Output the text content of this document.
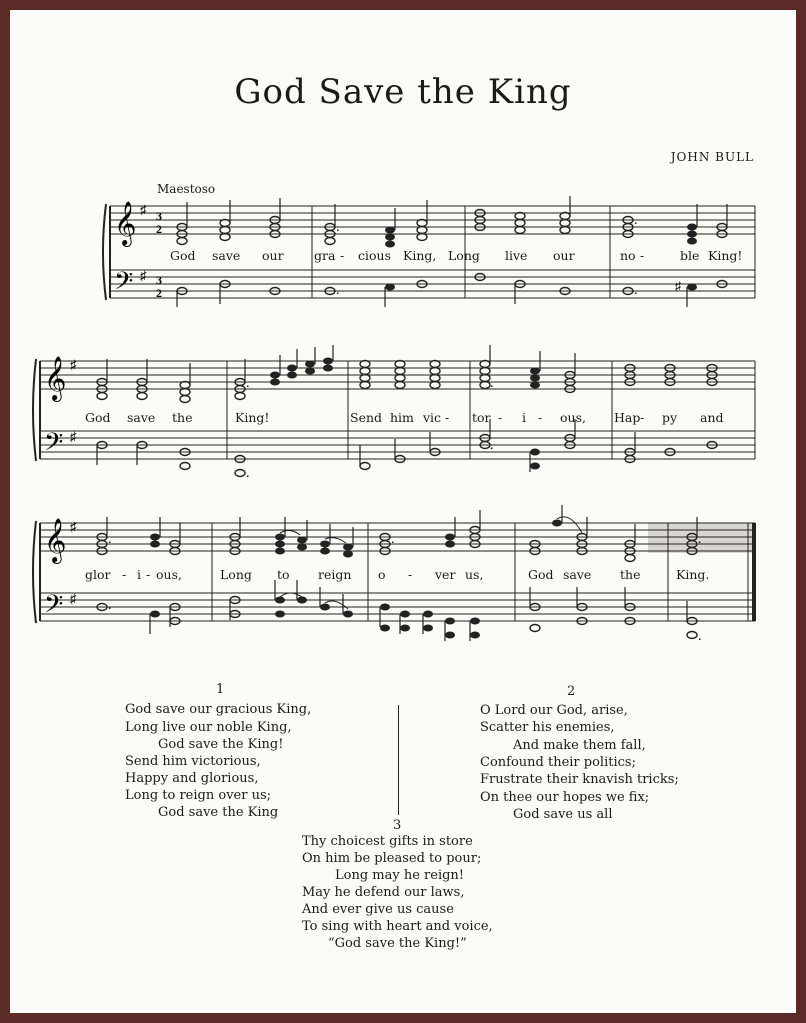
God Save the King
JOHN BULL
Maestoso
𝄞
𝄢
♯
♯
3
2
3
2
.	.
.	.	♯
God save our gra - cious King, Long live our	no -	ble King!
𝄞
𝄢
♯
♯
.	.
.
.
God save the	King!	Send him vic - tor - i - ous, Hap - py and
𝄞
𝄢
♯
♯
.
.
.	.
.
glor - i - ous,	Long to reign o - ver us,	God save the	King.
1
God save our gracious King,
Long live our noble King,
God save the King!
Send him victorious,
Happy and glorious,
Long to reign over us;
God save the King
2
O Lord our God, arise,
Scatter his enemies,
And make them fall,
Confound their politics;
Frustrate their knavish tricks;
On thee our hopes we fix;
God save us all
3
Thy choicest gifts in store
On him be pleased to pour;
Long may he reign!
May he defend our laws,
And ever give us cause
To sing with heart and voice,
“God save the King!”
